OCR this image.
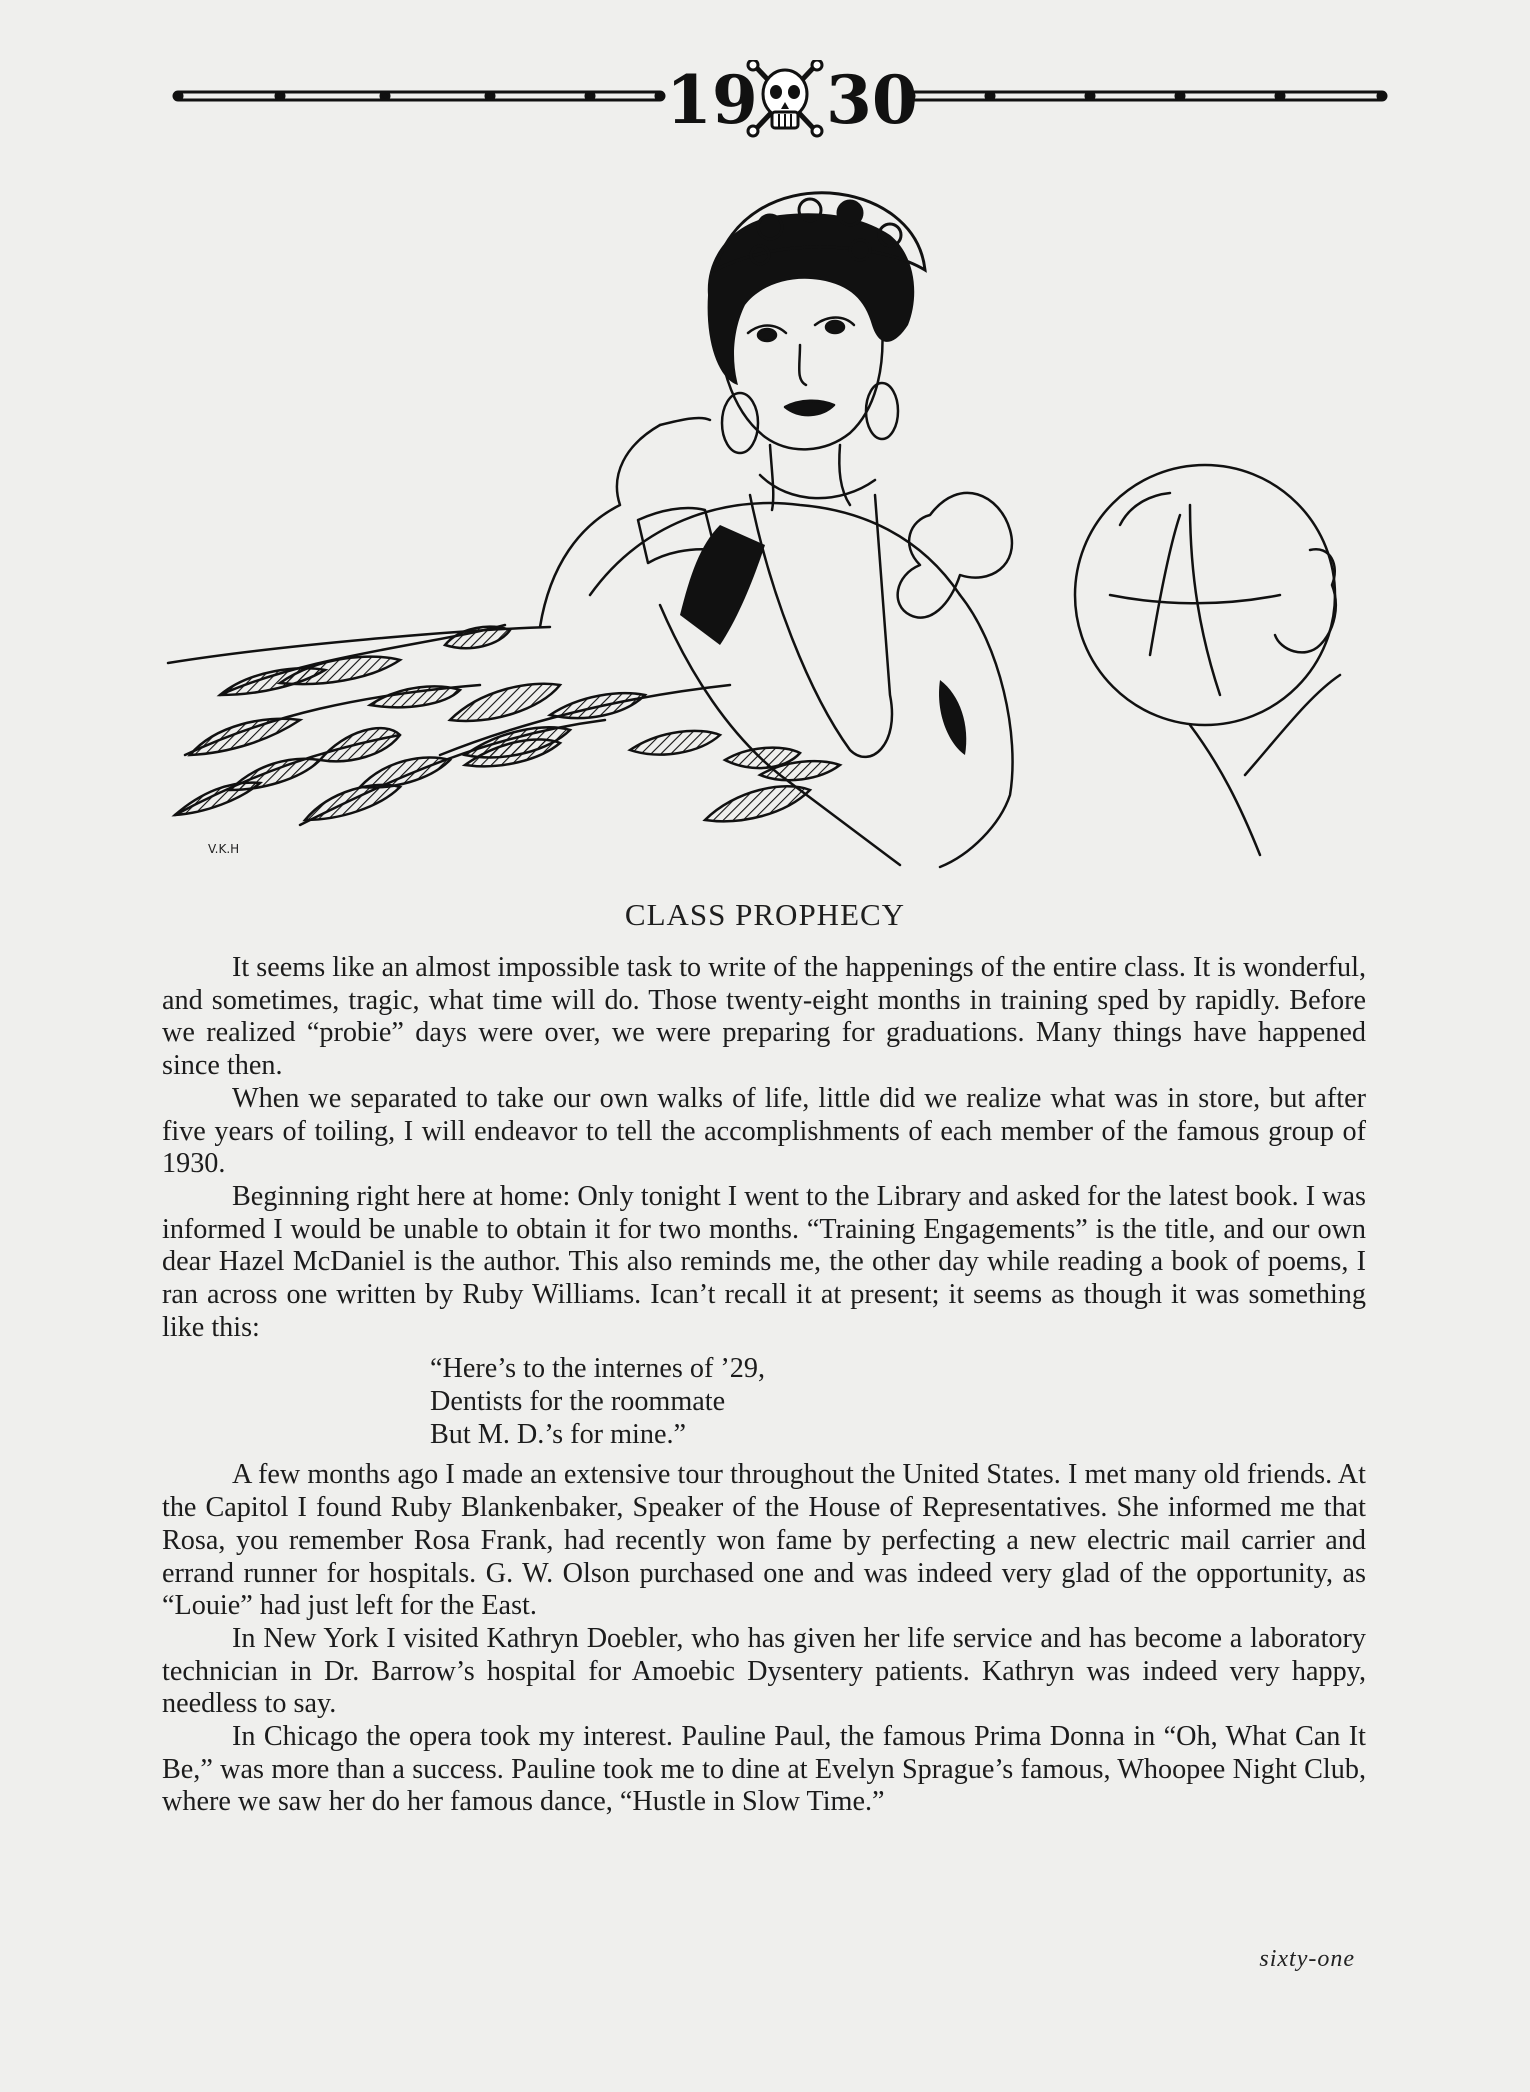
19 30
V.K.H
CLASS PROPHECY

It seems like an almost impossible task to write of the happenings of the entire class. It is wonderful, and sometimes, tragic, what time will do. Those twenty-eight months in training sped by rapidly. Before we realized “probie” days were over, we were preparing for graduations. Many things have happened since then.

When we separated to take our own walks of life, little did we realize what was in store, but after five years of toiling, I will endeavor to tell the accomplishments of each member of the famous group of 1930.

Beginning right here at home: Only tonight I went to the Library and asked for the latest book. I was informed I would be unable to obtain it for two months. “Training Engagements” is the title, and our own dear Hazel McDaniel is the author. This also reminds me, the other day while reading a book of poems, I ran across one written by Ruby Williams. Ican’t recall it at present; it seems as though it was something like this:

“Here’s to the internes of ’29,
Dentists for the roommate
But M. D.’s for mine.”

A few months ago I made an extensive tour throughout the United States. I met many old friends. At the Capitol I found Ruby Blankenbaker, Speaker of the House of Representatives. She informed me that Rosa, you remember Rosa Frank, had recently won fame by perfecting a new electric mail carrier and errand runner for hospitals. G. W. Olson purchased one and was indeed very glad of the opportunity, as “Louie” had just left for the East.

In New York I visited Kathryn Doebler, who has given her life service and has become a laboratory technician in Dr. Barrow’s hospital for Amoebic Dysentery patients. Kathryn was indeed very happy, needless to say.

In Chicago the opera took my interest. Pauline Paul, the famous Prima Donna in “Oh, What Can It Be,” was more than a success. Pauline took me to dine at Evelyn Sprague’s famous, Whoopee Night Club, where we saw her do her famous dance, “Hustle in Slow Time.”

sixty-one
